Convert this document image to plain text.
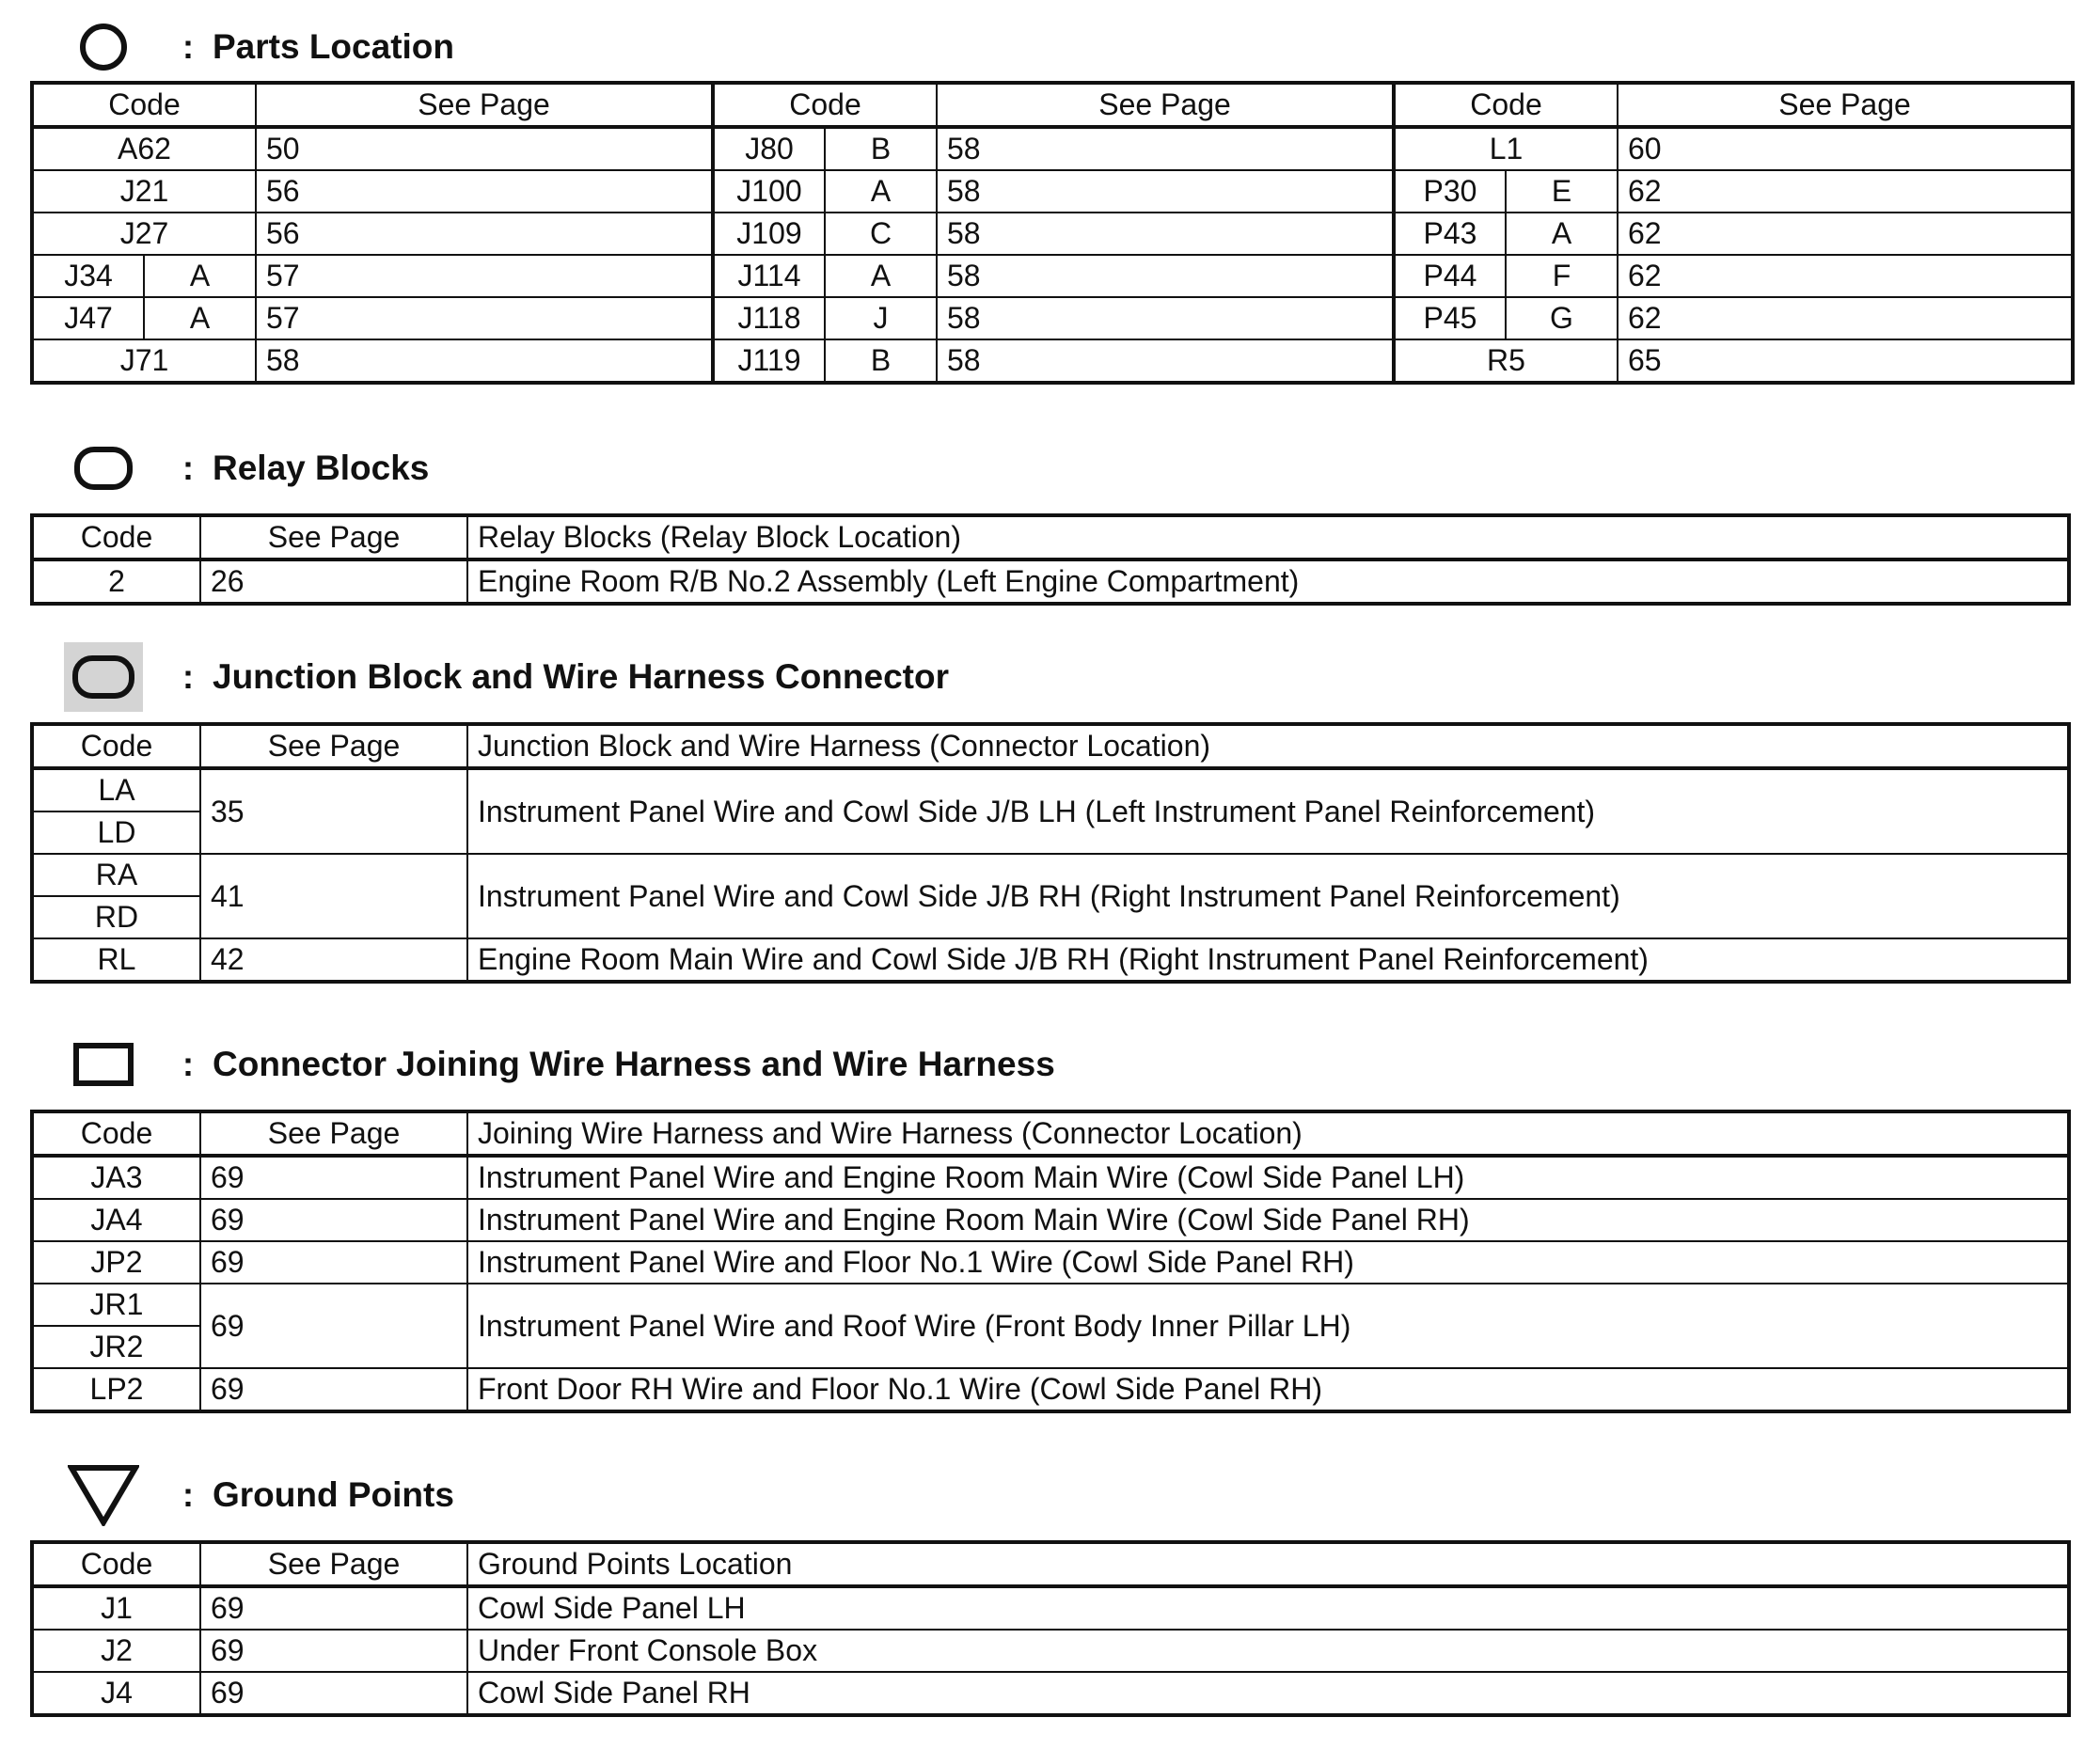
: Parts Location
Code		See Page	Code		See Page	Code		See Page
A62		50	J80	B	58	L1		60
J21		56	J100	A	58	P30	E	62
J27		56	J109	C	58	P43	A	62
J34	A	57	J114	A	58	P44	F	62
J47	A	57	J118	J	58	P45	G	62
J71		58	J119	B	58	R5		65
: Relay Blocks
Code	See Page	Relay Blocks (Relay Block Location)
2	26	Engine Room R/B No.2 Assembly (Left Engine Compartment)
: Junction Block and Wire Harness Connector
Code	See Page	Junction Block and Wire Harness (Connector Location)
LA	35	Instrument Panel Wire and Cowl Side J/B LH (Left Instrument Panel Reinforcement)
LD		
RA	41	Instrument Panel Wire and Cowl Side J/B RH (Right Instrument Panel Reinforcement)
RD		
RL	42	Engine Room Main Wire and Cowl Side J/B RH (Right Instrument Panel Reinforcement)
: Connector Joining Wire Harness and Wire Harness
Code	See Page	Joining Wire Harness and Wire Harness (Connector Location)
JA3	69	Instrument Panel Wire and Engine Room Main Wire (Cowl Side Panel LH)
JA4	69	Instrument Panel Wire and Engine Room Main Wire (Cowl Side Panel RH)
JP2	69	Instrument Panel Wire and Floor No.1 Wire (Cowl Side Panel RH)
JR1	69	Instrument Panel Wire and Roof Wire (Front Body Inner Pillar LH)
JR2		
LP2	69	Front Door RH Wire and Floor No.1 Wire (Cowl Side Panel RH)
: Ground Points
Code	See Page	Ground Points Location
J1	69	Cowl Side Panel LH
J2	69	Under Front Console Box
J4	69	Cowl Side Panel RH
